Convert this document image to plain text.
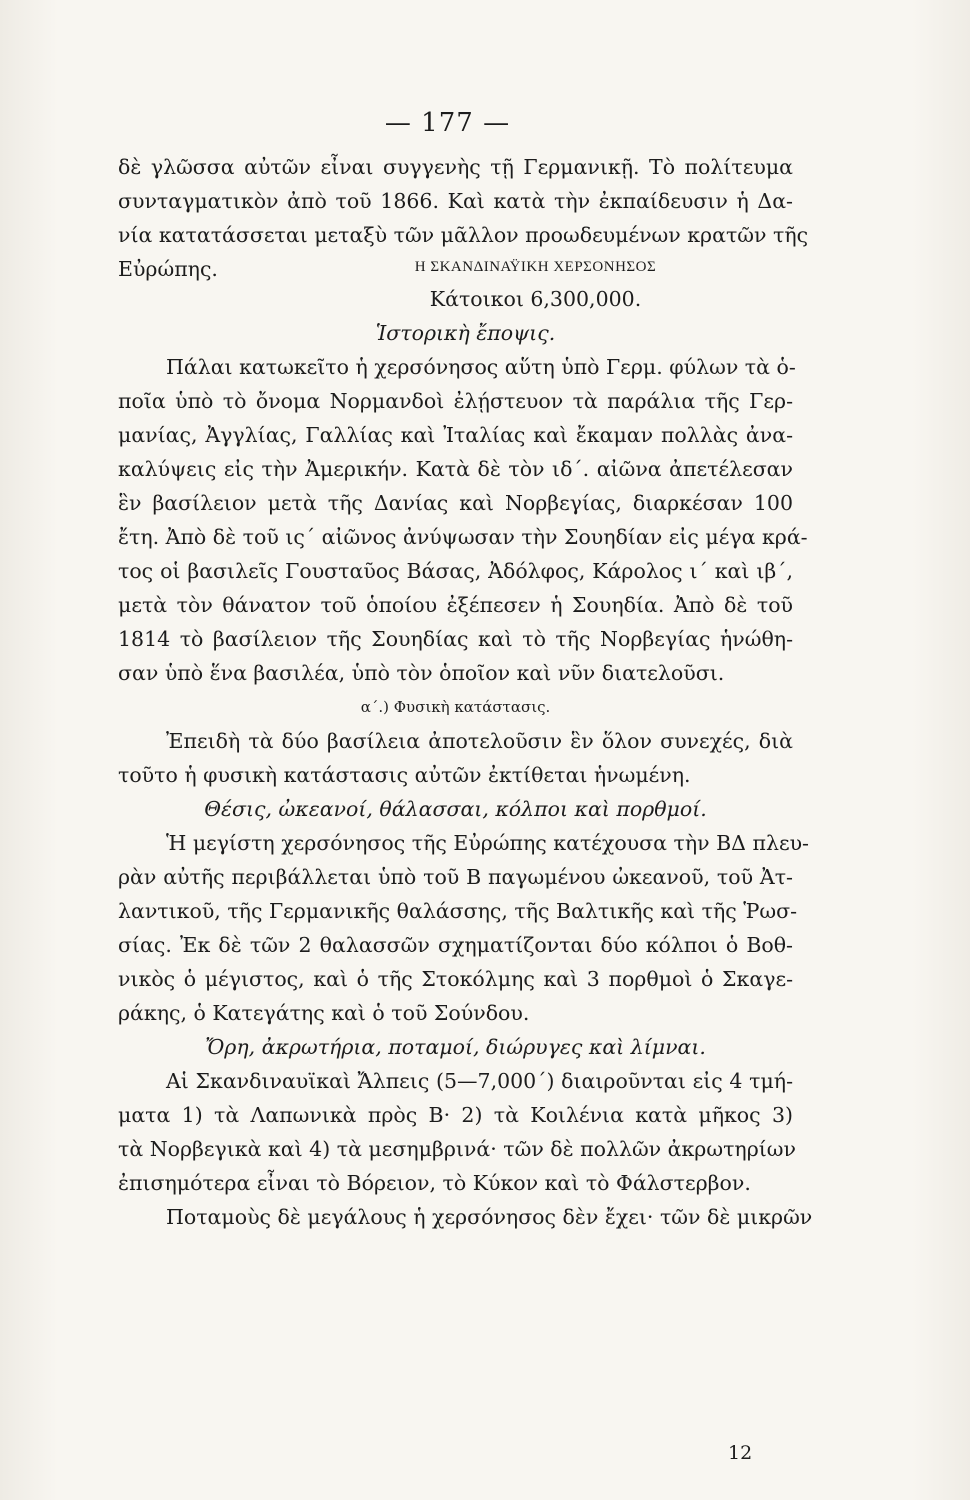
— 177 —
δὲ γλῶσσα αὐτῶν εἶναι συγγενὴς τῇ Γερμανικῇ. Τὸ πολίτευμα
συνταγματικὸν ἀπὸ τοῦ 1866. Καὶ κατὰ τὴν ἐκπαίδευσιν ἡ Δα-
νία κατατάσσεται μεταξὺ τῶν μᾶλλον προωδευμένων κρατῶν τῆς
Εὐρώπης.	Η ΣΚΑΝΔΙΝΑΫΙΚΗ ΧΕΡΣΟΝΗΣΟΣ
Κάτοικοι 6,300,000.
Ἱστορικὴ ἔποψις.
Πάλαι κατωκεῖτο ἡ χερσόνησος αὕτη ὑπὸ Γερμ. φύλων τὰ ὁ-
ποῖα ὑπὸ τὸ ὄνομα Νορμανδοὶ ἐλῄστευον τὰ παράλια τῆς Γερ-
μανίας, Ἀγγλίας, Γαλλίας καὶ Ἰταλίας καὶ ἔκαμαν πολλὰς ἀνα-
καλύψεις εἰς τὴν Ἀμερικήν. Κατὰ δὲ τὸν ιδ΄. αἰῶνα ἀπετέλεσαν
ἓν βασίλειον μετὰ τῆς Δανίας καὶ Νορβεγίας, διαρκέσαν 100
ἔτη. Ἀπὸ δὲ τοῦ ις΄ αἰῶνος ἀνύψωσαν τὴν Σουηδίαν εἰς μέγα κρά-
τος οἱ βασιλεῖς Γουσταῦος Βάσας, Ἀδόλφος, Κάρολος ι΄ καὶ ιβ΄,
μετὰ τὸν θάνατον τοῦ ὁποίου ἐξέπεσεν ἡ Σουηδία. Ἀπὸ δὲ τοῦ
1814 τὸ βασίλειον τῆς Σουηδίας καὶ τὸ τῆς Νορβεγίας ἡνώθη-
σαν ὑπὸ ἕνα βασιλέα, ὑπὸ τὸν ὁποῖον καὶ νῦν διατελοῦσι.
α΄.) Φυσικὴ κατάστασις.
Ἐπειδὴ τὰ δύο βασίλεια ἀποτελοῦσιν ἓν ὅλον συνεχές, διὰ
τοῦτο ἡ φυσικὴ κατάστασις αὐτῶν ἐκτίθεται ἡνωμένη.
Θέσις, ὠκεανοί, θάλασσαι, κόλποι καὶ πορθμοί.
Ἡ μεγίστη χερσόνησος τῆς Εὐρώπης κατέχουσα τὴν ΒΔ πλευ-
ρὰν αὐτῆς περιβάλλεται ὑπὸ τοῦ Β παγωμένου ὠκεανοῦ, τοῦ Ἀτ-
λαντικοῦ, τῆς Γερμανικῆς θαλάσσης, τῆς Βαλτικῆς καὶ τῆς Ῥωσ-
σίας. Ἐκ δὲ τῶν 2 θαλασσῶν σχηματίζονται δύο κόλποι ὁ Βοθ-
νικὸς ὁ μέγιστος, καὶ ὁ τῆς Στοκόλμης καὶ 3 πορθμοὶ ὁ Σκαγε-
ράκης, ὁ Κατεγάτης καὶ ὁ τοῦ Σούνδου.
Ὄρη, ἀκρωτήρια, ποταμοί, διώρυγες καὶ λίμναι.
Αἱ Σκανδιναυϊκαὶ Ἄλπεις (5—7,000΄) διαιροῦνται εἰς 4 τμή-
ματα 1) τὰ Λαπωνικὰ πρὸς Β· 2) τὰ Κοιλένια κατὰ μῆκος 3)
τὰ Νορβεγικὰ καὶ 4) τὰ μεσημβρινά· τῶν δὲ πολλῶν ἀκρωτηρίων
ἐπισημότερα εἶναι τὸ Βόρειον, τὸ Κύκον καὶ τὸ Φάλστερβον.
Ποταμοὺς δὲ μεγάλους ἡ χερσόνησος δὲν ἔχει· τῶν δὲ μικρῶν
12
